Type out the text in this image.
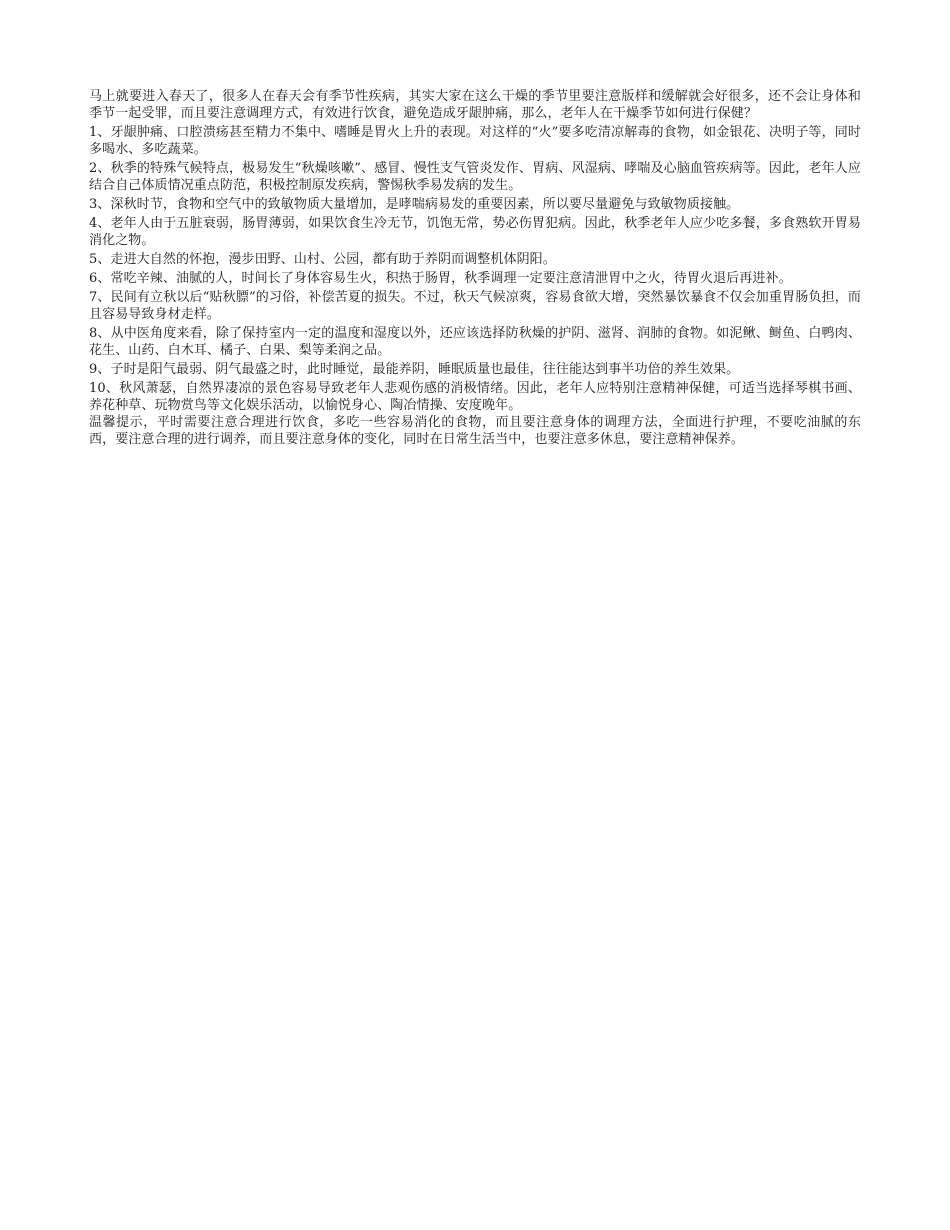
马上就要进入春天了，很多人在春天会有季节性疾病，其实大家在这么干燥的季节里要注意版样和缓解就会好很多，还不会让身体和季节一起受罪，而且要注意调理方式，有效进行饮食，避免造成牙龈肿痛，那么，老年人在干燥季节如何进行保健？

1、牙龈肿痛、口腔溃疡甚至精力不集中、嗜睡是胃火上升的表现。对这样的“火”要多吃清凉解毒的食物，如金银花、决明子等，同时多喝水、多吃蔬菜。

2、秋季的特殊气候特点，极易发生“秋燥咳嗽”、感冒、慢性支气管炎发作、胃病、风湿病、哮喘及心脑血管疾病等。因此，老年人应结合自己体质情况重点防范，积极控制原发疾病，警惕秋季易发病的发生。

3、深秋时节，食物和空气中的致敏物质大量增加，是哮喘病易发的重要因素，所以要尽量避免与致敏物质接触。

4、老年人由于五脏衰弱，肠胃薄弱，如果饮食生冷无节，饥饱无常，势必伤胃犯病。因此，秋季老年人应少吃多餐，多食熟软开胃易消化之物。

5、走进大自然的怀抱，漫步田野、山村、公园，都有助于养阴而调整机体阴阳。

6、常吃辛辣、油腻的人，时间长了身体容易生火，积热于肠胃，秋季调理一定要注意清泄胃中之火，待胃火退后再进补。

7、民间有立秋以后“贴秋膘”的习俗，补偿苦夏的损失。不过，秋天气候凉爽，容易食欲大增，突然暴饮暴食不仅会加重胃肠负担，而且容易导致身材走样。

8、从中医角度来看，除了保持室内一定的温度和湿度以外，还应该选择防秋燥的护阴、滋肾、润肺的食物。如泥鳅、鲥鱼、白鸭肉、花生、山药、白木耳、橘子、白果、梨等柔润之品。

9、子时是阳气最弱、阴气最盛之时，此时睡觉，最能养阴，睡眠质量也最佳，往往能达到事半功倍的养生效果。

10、秋风萧瑟，自然界凄凉的景色容易导致老年人悲观伤感的消极情绪。因此，老年人应特别注意精神保健，可适当选择琴棋书画、养花种草、玩物赏鸟等文化娱乐活动，以愉悦身心、陶冶情操、安度晚年。

温馨提示，平时需要注意合理进行饮食，多吃一些容易消化的食物，而且要注意身体的调理方法，全面进行护理，不要吃油腻的东西，要注意合理的进行调养，而且要注意身体的变化，同时在日常生活当中，也要注意多休息，要注意精神保养。
